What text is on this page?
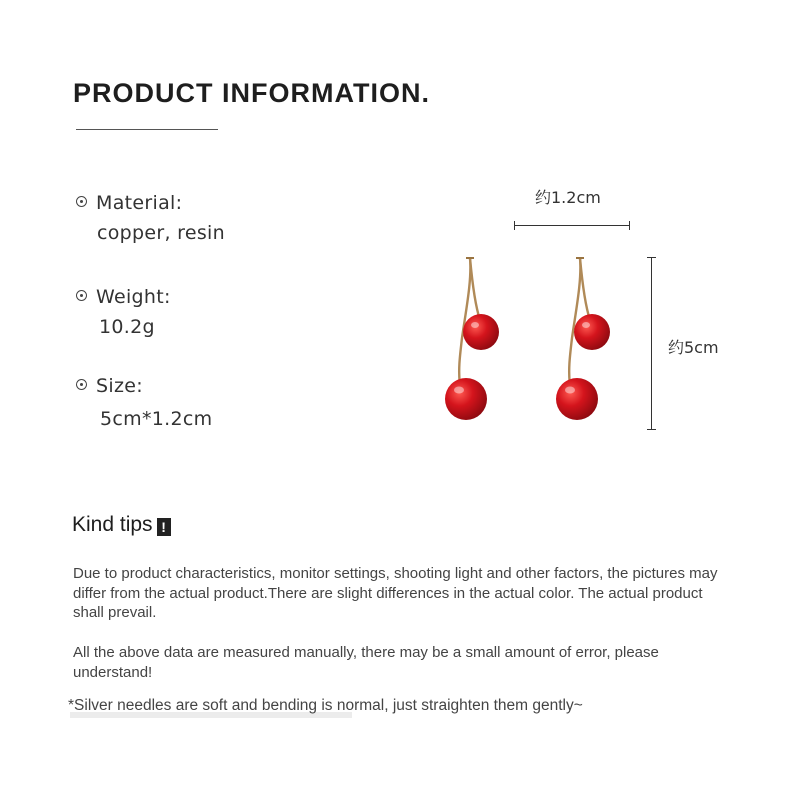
PRODUCT INFORMATION.
Material:
copper, resin
Weight:
10.2g
Size:
5cm*1.2cm
约1.2cm
约5cm
Kind tips !
Due to product characteristics, monitor settings, shooting light and other factors, the pictures may differ from the actual product.There are slight differences in the actual color. The actual product shall prevail.
All the above data are measured manually, there may be a small amount of error, please understand!
*Silver needles are soft and bending is normal, just straighten them gently~
